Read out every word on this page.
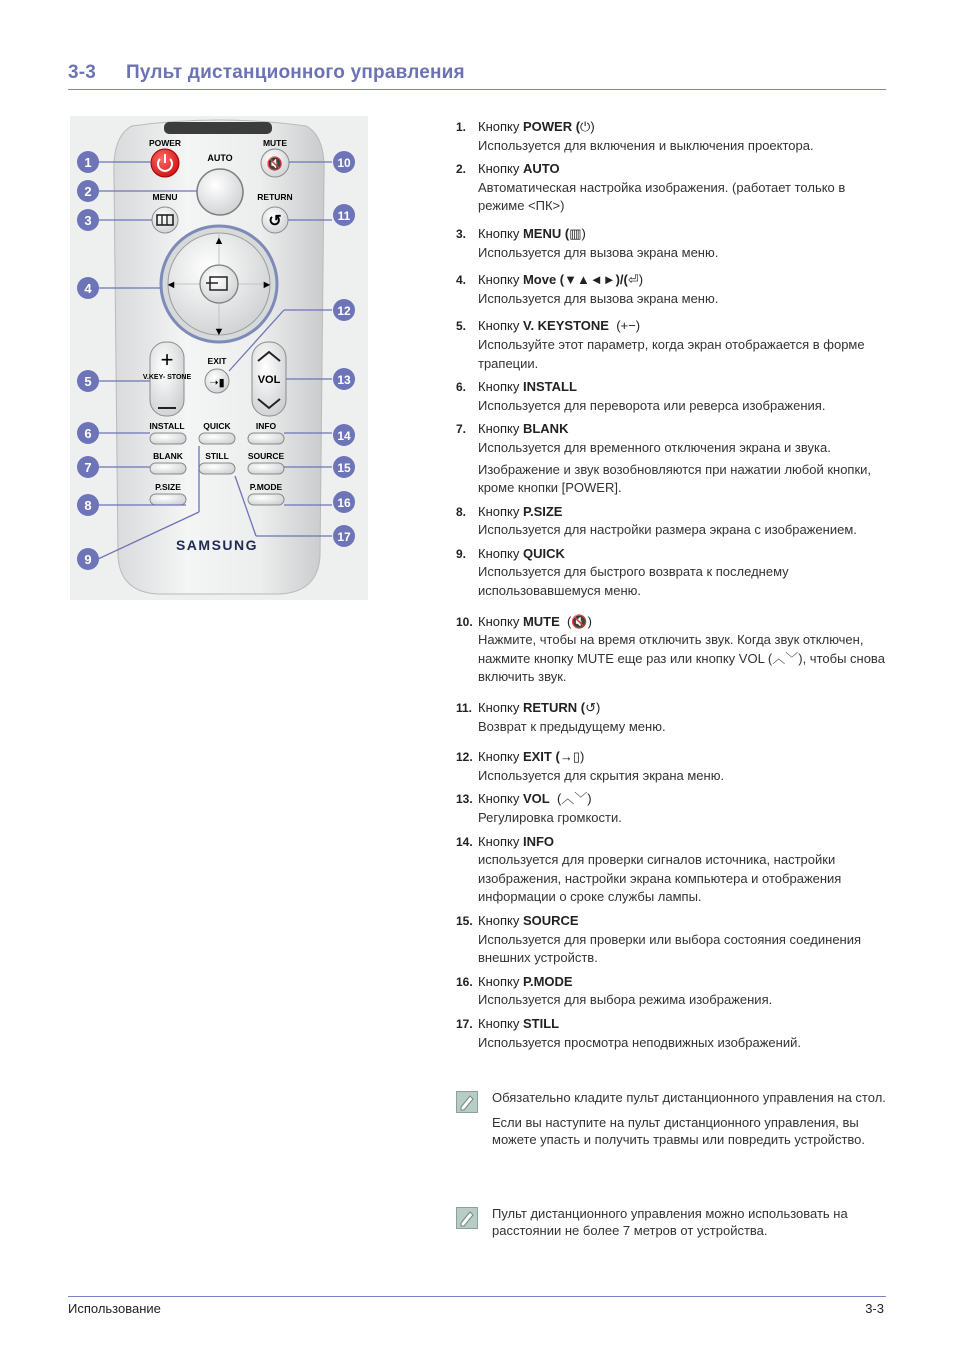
3-3 Пульт дистанционного управления
POWER
AUTO
MUTE
🔇
MENU	RETURN
↺
▲
▼
◄	►
+
V.KEY- STONE
EXIT
➝▮	VOL
INSTALL QUICK	INFO
BLANK	STILL SOURCE
P.SIZE	P.MODE
SAMSUNG
1
2
3
4
5
6
7
8
9
10
11
12
13
14
15
16
17
1. Кнопку POWER (⏻)
Используется для включения и выключения проектора.
2. Кнопку AUTO
Автоматическая настройка изображения. (работает только в режиме <ПК>)
3. Кнопку MENU (▥)
Используется для вызова экрана меню.
4. Кнопку Move (▼▲◄►)/(⏎)
Используется для вызова экрана меню.
5. Кнопку V. KEYSTONE (+−)
Используйте этот параметр, когда экран отображается в форме трапеции.
6. Кнопку INSTALL
Используется для переворота или реверса изображения.
7. Кнопку BLANK
Используется для временного отключения экрана и звука.
Изображение и звук возобновляются при нажатии любой кнопки, кроме кнопки [POWER].
8. Кнопку P.SIZE
Используется для настройки размера экрана с изображением.
9. Кнопку QUICK
Используется для быстрого возврата к последнему использовавшемуся меню.
10. Кнопку MUTE (🔇)
Нажмите, чтобы на время отключить звук. Когда звук отключен, нажмите кнопку MUTE еще раз или кнопку VOL (︿﹀), чтобы снова включить звук.
11. Кнопку RETURN (↺)
Возврат к предыдущему меню.
12. Кнопку EXIT (→▯)
Используется для скрытия экрана меню.
13. Кнопку VOL (︿﹀)
Регулировка громкости.
14. Кнопку INFO
используется для проверки сигналов источника, настройки изображения, настройки экрана компьютера и отображения информации о сроке службы лампы.
15. Кнопку SOURCE
Используется для проверки или выбора состояния соединения внешних устройств.
16. Кнопку P.MODE
Используется для выбора режима изображения.
17. Кнопку STILL
Используется просмотра неподвижных изображений.

Обязательно кладите пульт дистанционного управления на стол.

Если вы наступите на пульт дистанционного управления, вы можете упасть и получить травмы или повредить устройство.

Пульт дистанционного управления можно использовать на расстоянии не более 7 метров от устройства.

Использование	3-3
